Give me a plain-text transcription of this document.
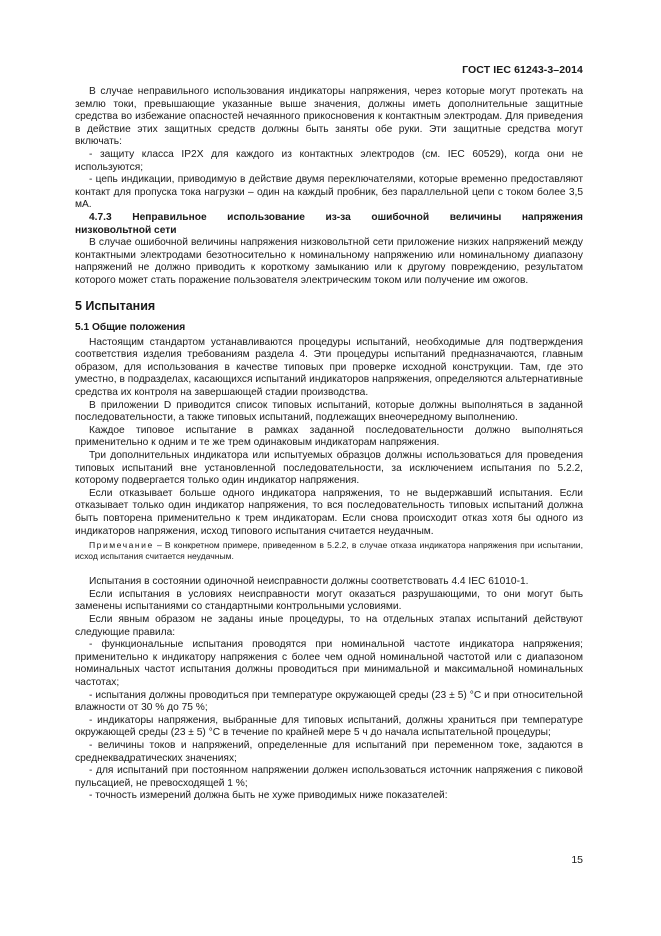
ГОСТ IEC 61243-3–2014

В случае неправильного использования индикаторы напряжения, через которые могут протекать на землю токи, превышающие указанные выше значения, должны иметь дополнительные защитные средства во избежание опасностей нечаянного прикосновения к контактным электродам. Для приведения в действие этих защитных средств должны быть заняты обе руки. Эти защитные средства могут включать:

- защиту класса IP2X для каждого из контактных электродов (см. IEC 60529), когда они не используются;

- цепь индикации, приводимую в действие двумя переключателями, которые временно предоставляют контакт для пропуска тока нагрузки – один на каждый пробник, без параллельной цепи с током более 3,5 мА.

4.7.3 Неправильное использование из-за ошибочной величины напряжения

низковольтной сети

В случае ошибочной величины напряжения низковольтной сети приложение низких напряжений между контактными электродами безотносительно к номинальному напряжению или номинальному диапазону напряжений не должно приводить к короткому замыканию или к другому повреждению, результатом которого может стать поражение пользователя электрическим током или получение им ожогов.

5 Испытания

5.1 Общие положения

Настоящим стандартом устанавливаются процедуры испытаний, необходимые для подтверждения соответствия изделия требованиям раздела 4. Эти процедуры испытаний предназначаются, главным образом, для использования в качестве типовых при проверке исходной конструкции. Там, где это уместно, в подразделах, касающихся испытаний индикаторов напряжения, определяются альтернативные средства их контроля на завершающей стадии производства.

В приложении D приводится список типовых испытаний, которые должны выполняться в заданной последовательности, а также типовых испытаний, подлежащих внеочередному выполнению.

Каждое типовое испытание в рамках заданной последовательности должно выполняться применительно к одним и те же трем одинаковым индикаторам напряжения.

Три дополнительных индикатора или испытуемых образцов должны использоваться для проведения типовых испытаний вне установленной последовательности, за исключением испытания по 5.2.2, которому подвергается только один индикатор напряжения.

Если отказывает больше одного индикатора напряжения, то не выдержавший испытания. Если отказывает только один индикатор напряжения, то вся последовательность типовых испытаний должна быть повторена применительно к трем индикаторам. Если снова происходит отказ хотя бы одного из индикаторов напряжения, исход типового испытания считается неудачным.

Примечание – В конкретном примере, приведенном в 5.2.2, в случае отказа индикатора напряжения при испытании, исход испытания считается неудачным.

Испытания в состоянии одиночной неисправности должны соответствовать 4.4 IEC 61010-1.

Если испытания в условиях неисправности могут оказаться разрушающими, то они могут быть заменены испытаниями со стандартными контрольными условиями.

Если явным образом не заданы иные процедуры, то на отдельных этапах испытаний действуют следующие правила:

- функциональные испытания проводятся при номинальной частоте индикатора напряжения; применительно к индикатору напряжения с более чем одной номинальной частотой или с диапазоном номинальных частот испытания должны проводиться при минимальной и максимальной номинальных частотах;

- испытания должны проводиться при температуре окружающей среды (23 ± 5) °С и при относительной влажности от 30 % до 75 %;

- индикаторы напряжения, выбранные для типовых испытаний, должны храниться при температуре окружающей среды (23 ± 5) °С в течение по крайней мере 5 ч до начала испытательной процедуры;

- величины токов и напряжений, определенные для испытаний при переменном токе, задаются в среднеквадратических значениях;

- для испытаний при постоянном напряжении должен использоваться источник напряжения с пиковой пульсацией, не превосходящей 1 %;

- точность измерений должна быть не хуже приводимых ниже показателей:

15
